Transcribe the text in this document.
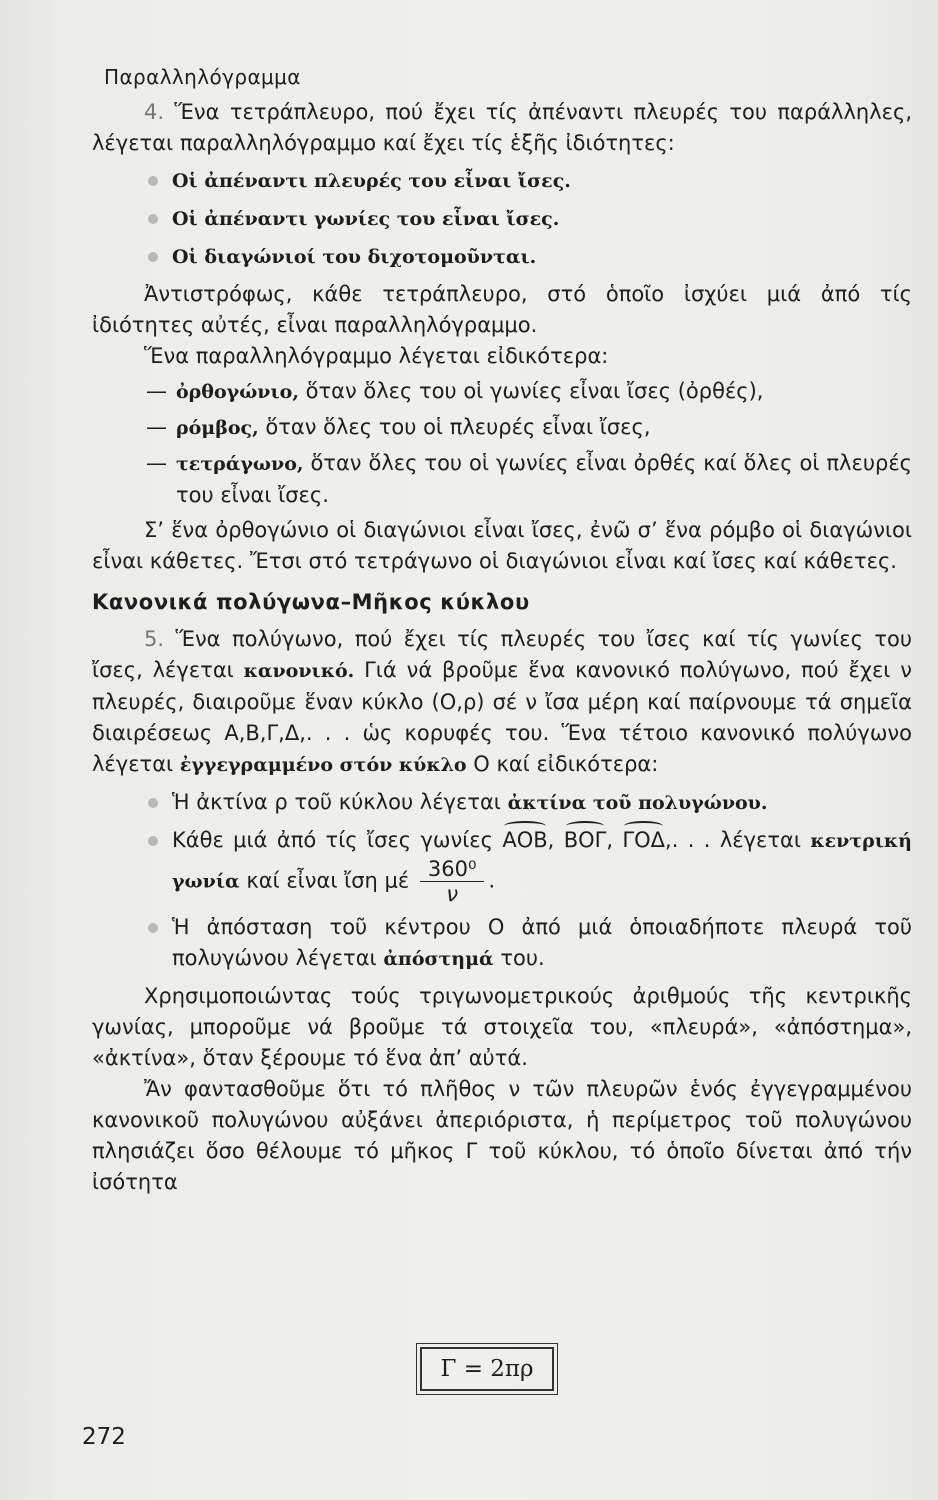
Παραλληλόγραμμα

4. Ἕνα τετράπλευρο, πού ἔχει τίς ἀπέναντι πλευρές του παράλληλες, λέγεται παραλληλόγραμμο καί ἔχει τίς ἑξῆς ἰδιότητες:

Οἱ ἀπέναντι πλευρές του εἶναι ἴσες.
Οἱ ἀπέναντι γωνίες του εἶναι ἴσες.
Οἱ διαγώνιοί του διχοτομοῦνται.

Ἀντιστρόφως, κάθε τετράπλευρο, στό ὁποῖο ἰσχύει μιά ἀπό τίς ἰδιότητες αὐτές, εἶναι παραλληλόγραμμο.

Ἕνα παραλληλόγραμμο λέγεται εἰδικότερα:

— ὀρθογώνιο, ὅταν ὅλες του οἱ γωνίες εἶναι ἴσες (ὀρθές),
— ρόμβος, ὅταν ὅλες του οἱ πλευρές εἶναι ἴσες,
— τετράγωνο, ὅταν ὅλες του οἱ γωνίες εἶναι ὀρθές καί ὅλες οἱ πλευρές του εἶναι ἴσες.

Σ’ ἕνα ὀρθογώνιο οἱ διαγώνιοι εἶναι ἴσες, ἐνῶ σ’ ἕνα ρόμβο οἱ διαγώνιοι εἶναι κάθετες. Ἔτσι στό τετράγωνο οἱ διαγώνιοι εἶναι καί ἴσες καί κάθετες.

Κανονικά πολύγωνα–Μῆκος κύκλου

5. Ἕνα πολύγωνο, πού ἔχει τίς πλευρές του ἴσες καί τίς γωνίες του ἴσες, λέγεται κανονικό. Γιά νά βροῦμε ἕνα κανονικό πολύγωνο, πού ἔχει ν πλευρές, διαιροῦμε ἕναν κύκλο (Ο,ρ) σέ ν ἴσα μέρη καί παίρνουμε τά σημεῖα διαιρέσεως Α,Β,Γ,Δ,. . . ὡς κορυφές του. Ἕνα τέτοιο κανονικό πολύγωνο λέγεται ἐγγεγραμμένο στόν κύκλο Ο καί εἰδικότερα:

Ἡ ἀκτίνα ρ τοῦ κύκλου λέγεται ἀκτίνα τοῦ πολυγώνου.
Κάθε μιά ἀπό τίς ἴσες γωνίες ΑΟΒ, ΒΟΓ, ΓΟΔ,. . . λέγεται κεντρική γωνία καί εἶναι ἴση μέ $\frac{\text{360⁰}}{\nu}$ .
Ἡ ἀπόσταση τοῦ κέντρου Ο ἀπό μιά ὁποιαδήποτε πλευρά τοῦ πολυγώνου λέγεται ἀπόστημά του.

Χρησιμοποιώντας τούς τριγωνομετρικούς ἀριθμούς τῆς κεντρικῆς γωνίας, μποροῦμε νά βροῦμε τά στοιχεῖα του, «πλευρά», «ἀπόστημα», «ἀκτίνα», ὅταν ξέρουμε τό ἕνα ἀπ’ αὐτά.

Ἄν φαντασθοῦμε ὅτι τό πλῆθος ν τῶν πλευρῶν ἑνός ἐγγεγραμμένου κανονικοῦ πολυγώνου αὐξάνει ἀπεριόριστα, ἡ περίμετρος τοῦ πολυγώνου πλησιάζει ὅσο θέλουμε τό μῆκος Γ τοῦ κύκλου, τό ὁποῖο δίνεται ἀπό τήν ἰσότητα

Γ = 2πρ
272
